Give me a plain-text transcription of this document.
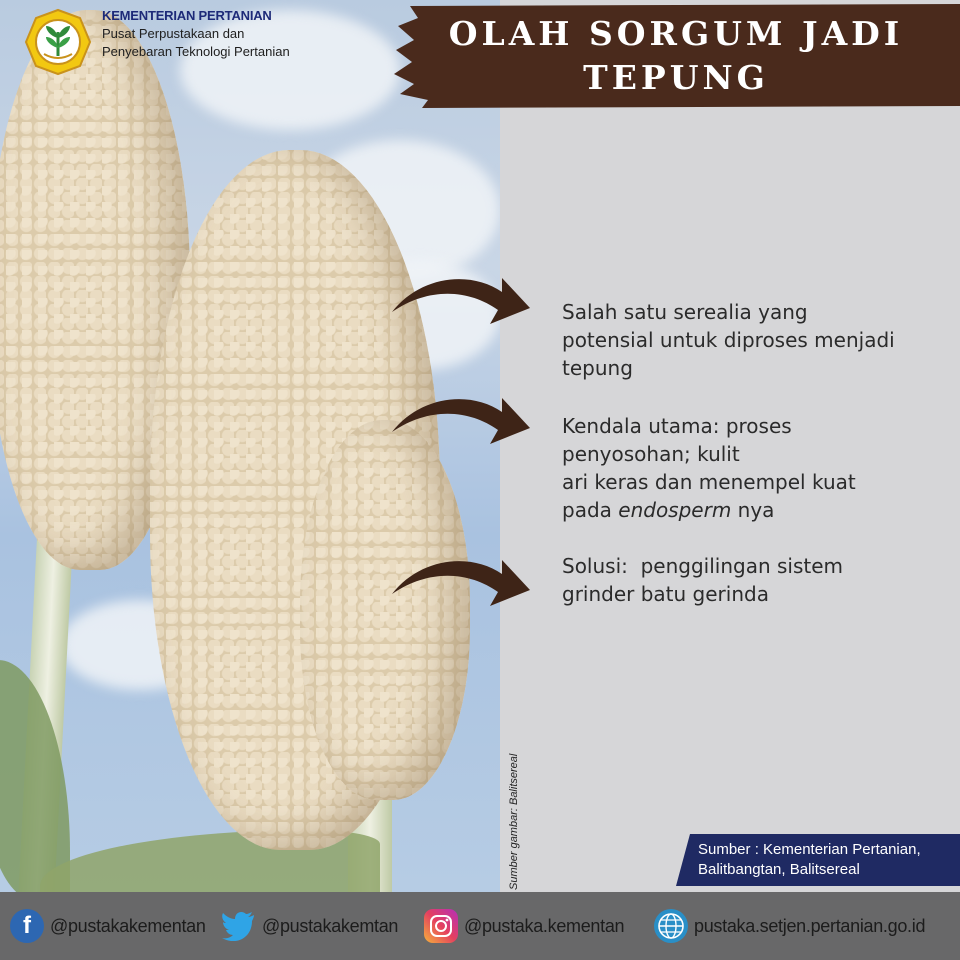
Sumber gambar: Balitsereal
KEMENTERIAN PERTANIAN
Pusat Perpustakaan dan
Penyebaran Teknologi Pertanian	OLAH SORGUM JADI
TEPUNG
Salah satu serealia yang
potensial untuk diproses menjadi
tepung
Kendala utama: proses
penyosohan; kulit
ari keras dan menempel kuat
pada endosperm nya
Solusi:  penggilingan sistem
grinder batu gerinda
Sumber : Kementerian Pertanian,
Balitbangtan, Balitsereal
f @pustakakementan	@pustakakemtan	@pustaka.kementan	pustaka.setjen.pertanian.go.id
